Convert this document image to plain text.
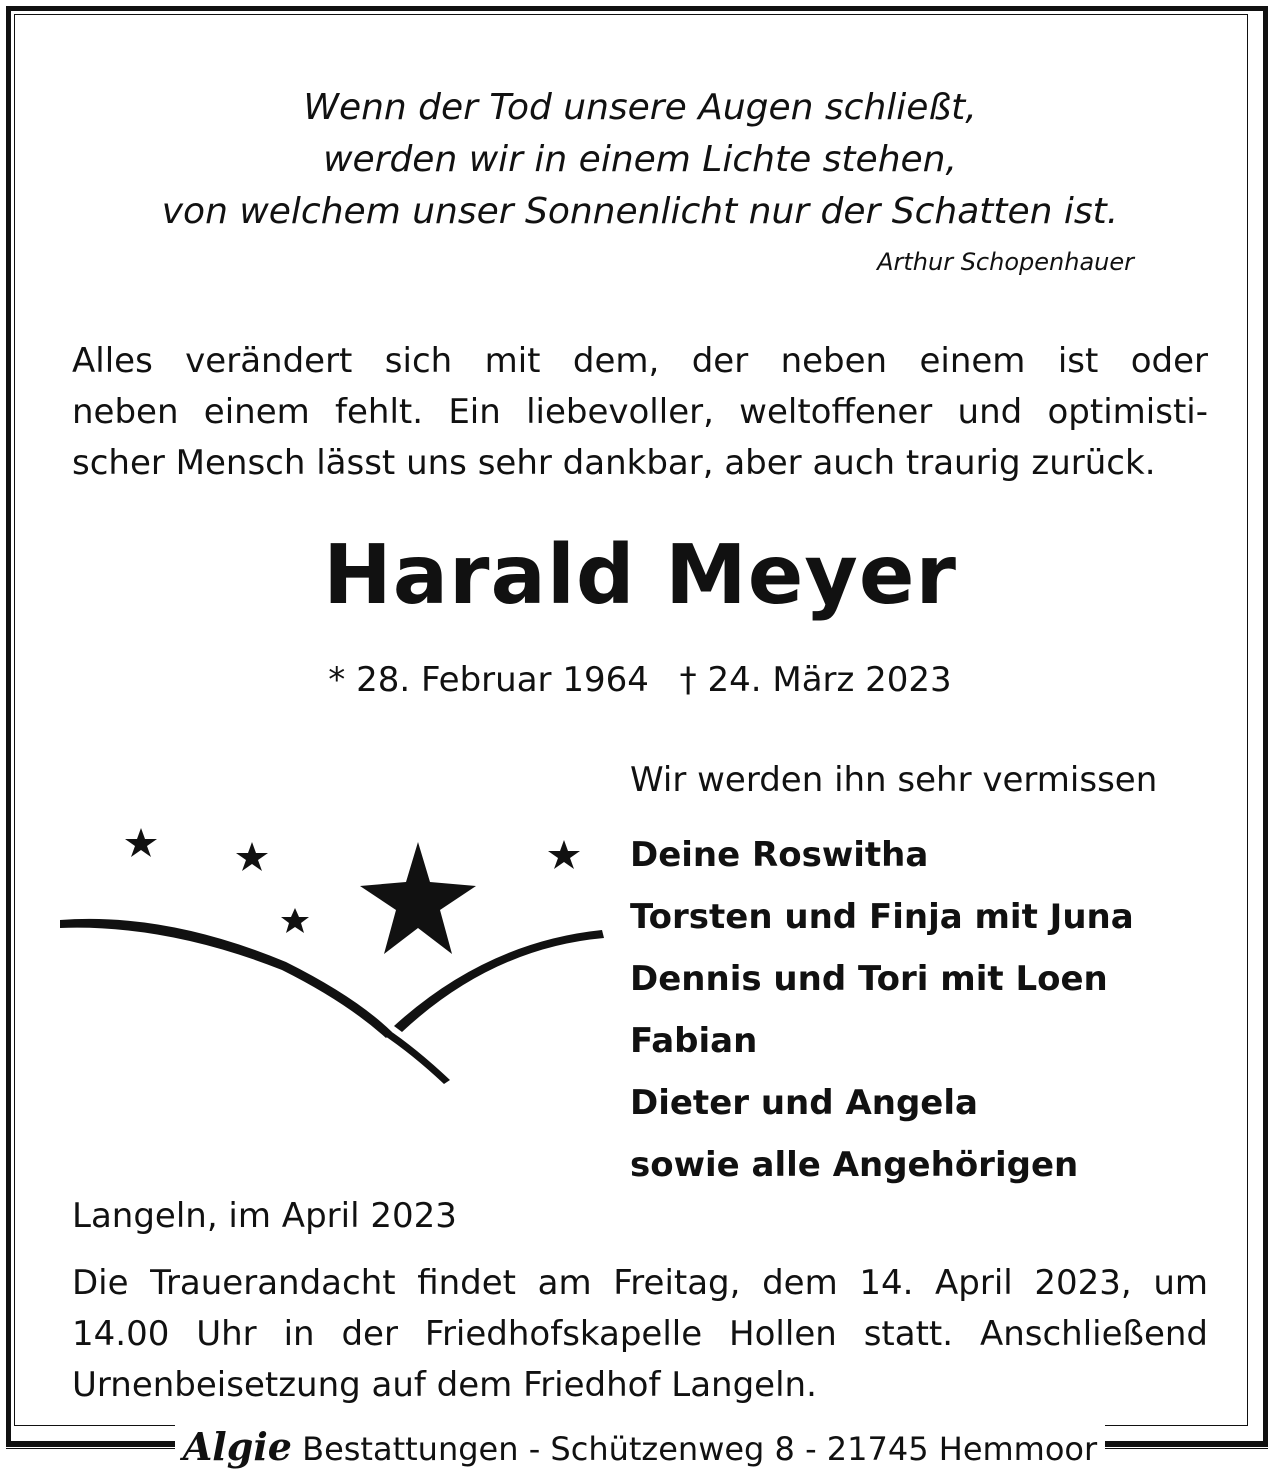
Wenn der Tod unsere Augen schließt,
werden wir in einem Lichte stehen,
von welchem unser Sonnenlicht nur der Schatten ist.
Arthur Schopenhauer
Alles verändert sich mit dem, der neben einem ist oder
neben einem fehlt. Ein liebevoller, weltoffener und optimisti-
scher Mensch lässt uns sehr dankbar, aber auch traurig zurück.
Harald Meyer
* 28. Februar 1964 † 24. März 2023
Wir werden ihn sehr vermissen
Deine Roswitha
Torsten und Finja mit Juna
Dennis und Tori mit Loen
Fabian
Dieter und Angela
sowie alle Angehörigen
Langeln, im April 2023
Die Trauerandacht findet am Freitag, dem 14. April 2023, um
14.00 Uhr in der Friedhofskapelle Hollen statt. Anschließend
Urnenbeisetzung auf dem Friedhof Langeln.
Algie Bestattungen - Schützenweg 8 - 21745 Hemmoor
